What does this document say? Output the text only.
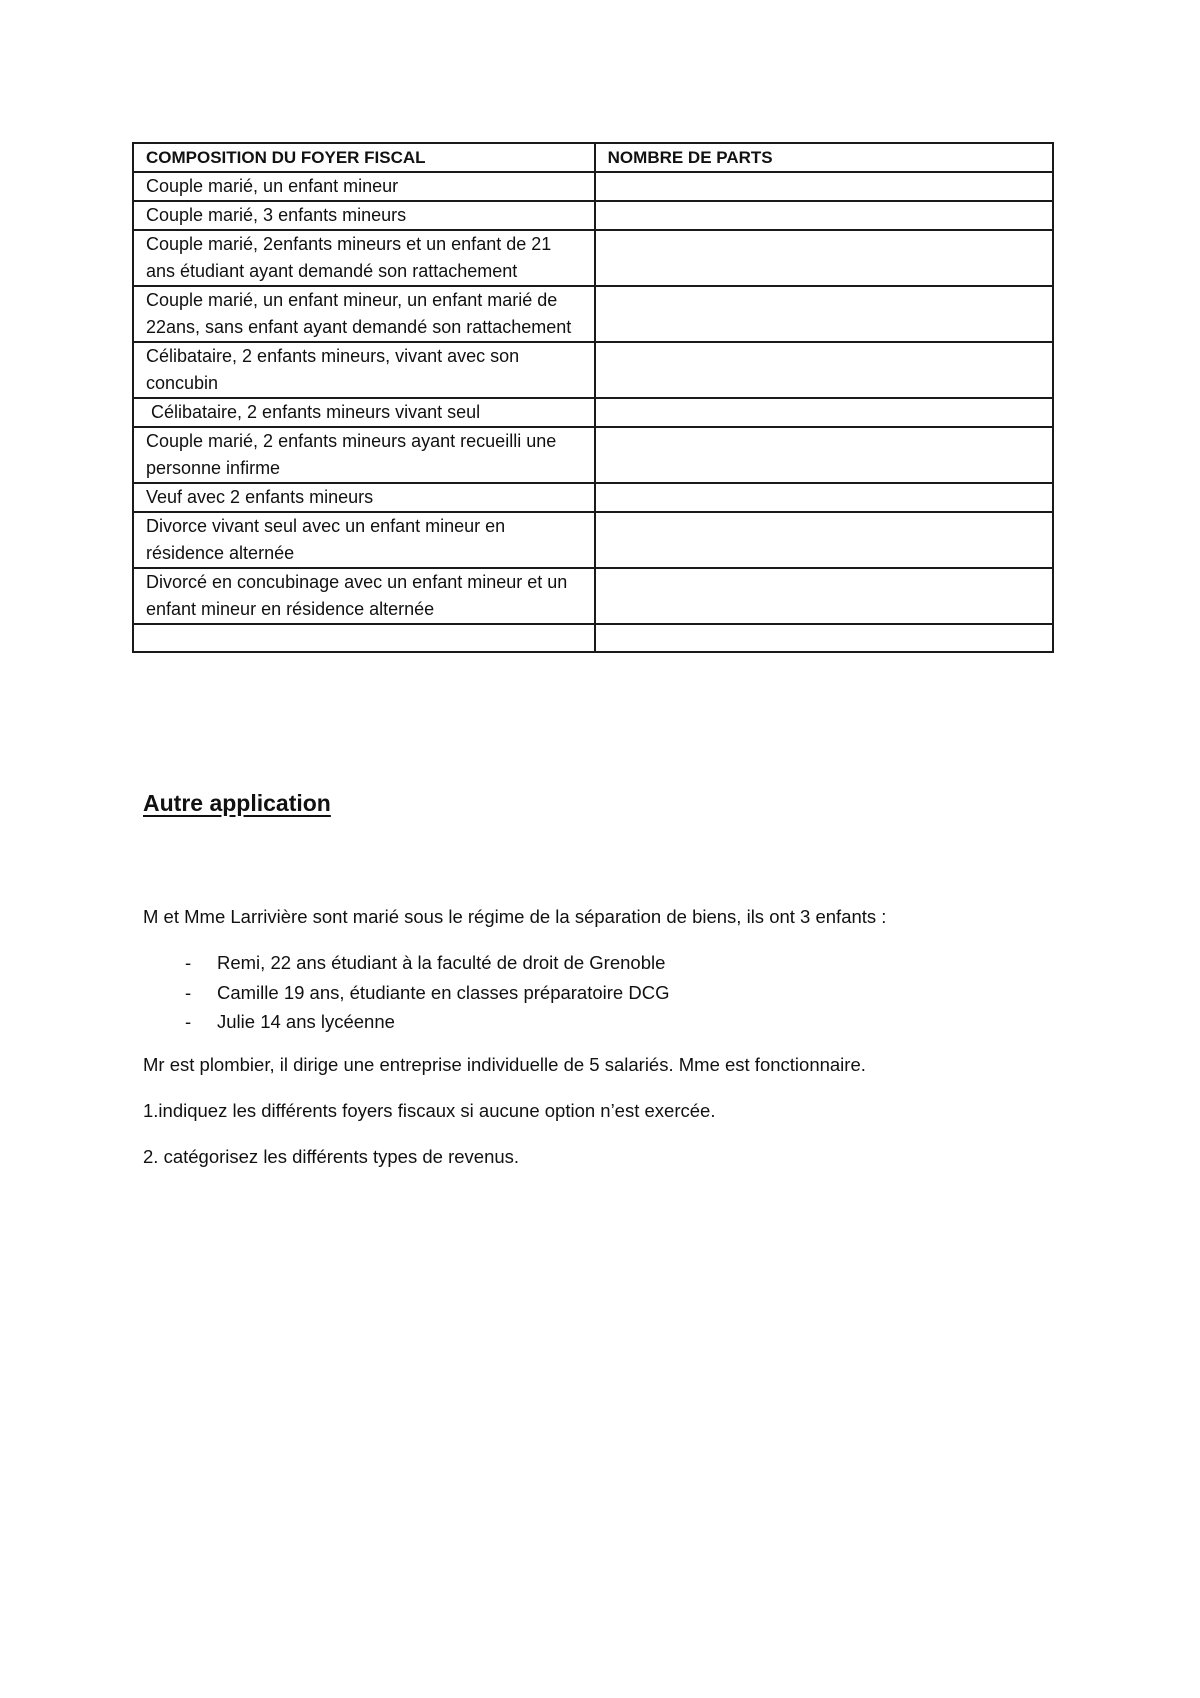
COMPOSITION DU FOYER FISCAL	NOMBRE DE PARTS
Couple marié, un enfant mineur	
Couple marié, 3 enfants mineurs	
Couple marié, 2enfants mineurs et un enfant de 21 ans étudiant ayant demandé son rattachement	
Couple marié, un enfant mineur, un enfant marié de 22ans, sans enfant ayant demandé son rattachement	
Célibataire, 2 enfants mineurs, vivant avec son concubin	
Célibataire, 2 enfants mineurs vivant seul	
Couple marié, 2 enfants mineurs ayant recueilli une personne infirme	
Veuf avec 2 enfants mineurs	
Divorce vivant seul avec un enfant mineur en résidence alternée	
Divorcé en concubinage avec un enfant mineur et un enfant mineur en résidence alternée	

Autre application

M et Mme Larrivière sont marié sous le régime de la séparation de biens, ils ont 3 enfants :

- Remi, 22 ans étudiant à la faculté de droit de Grenoble
- Camille 19 ans, étudiante en classes préparatoire DCG
- Julie 14 ans lycéenne

Mr est plombier, il dirige une entreprise individuelle de 5 salariés. Mme est fonctionnaire.

1.indiquez les différents foyers fiscaux si aucune option n’est exercée.

2. catégorisez les différents types de revenus.
